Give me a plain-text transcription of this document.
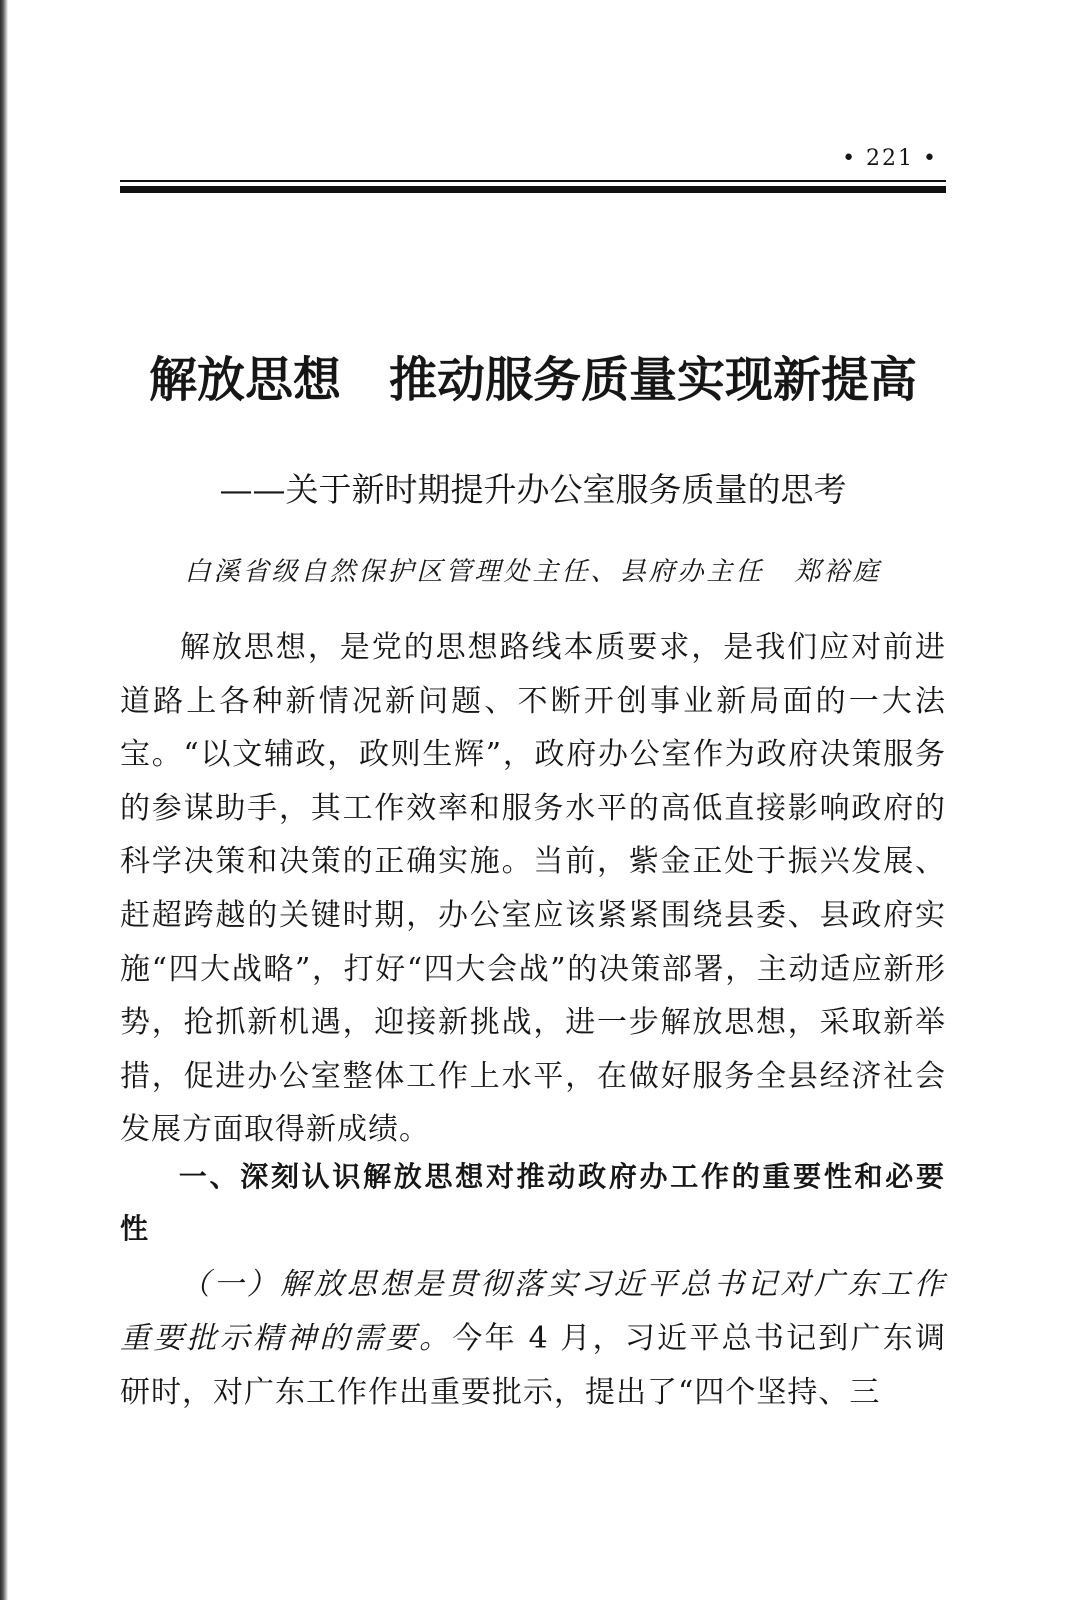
• 221 •
解放思想 推动服务质量实现新提高
——关于新时期提升办公室服务质量的思考
白溪省级自然保护区管理处主任、县府办主任 郑裕庭

解放思想，是党的思想路线本质要求，是我们应对前进道路上各种新情况新问题、不断开创事业新局面的一大法宝。“以文辅政，政则生辉”，政府办公室作为政府决策服务的参谋助手，其工作效率和服务水平的高低直接影响政府的科学决策和决策的正确实施。当前，紫金正处于振兴发展、赶超跨越的关键时期，办公室应该紧紧围绕县委、县政府实施“四大战略”，打好“四大会战”的决策部署，主动适应新形势，抢抓新机遇，迎接新挑战，进一步解放思想，采取新举措，促进办公室整体工作上水平，在做好服务全县经济社会发展方面取得新成绩。

一、深刻认识解放思想对推动政府办工作的重要性和必要性

（一）解放思想是贯彻落实习近平总书记对广东工作重要批示精神的需要。今年 4 月，习近平总书记到广东调研时，对广东工作作出重要批示，提出了“四个坚持、三
